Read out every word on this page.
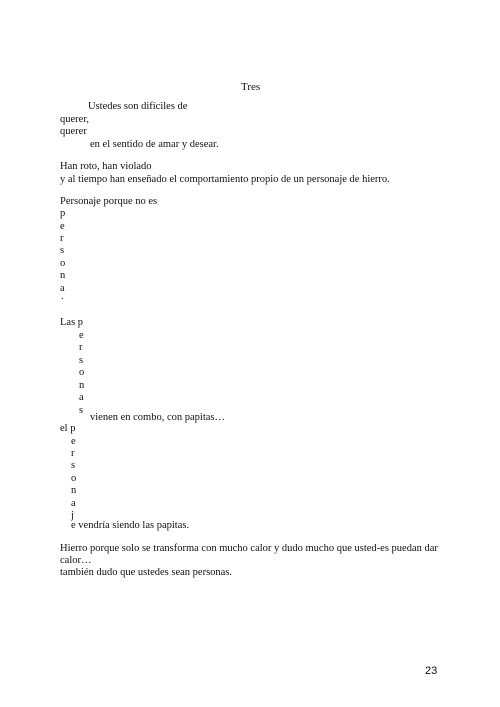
Tres
Ustedes son difíciles de
querer,
querer
en el sentido de amar y desear.
Han roto, han violado
y al tiempo han enseñado el comportamiento propio de un personaje de hierro.
Personaje porque no es
p
e
r
s
o
n
a
.
Las p
e
r
s
o
n
a
s
vienen en combo, con papitas…
el p
e
r
s
o
n
a
j
e vendría siendo las papitas.
Hierro porque solo se transforma con mucho calor y dudo mucho que usted-es puedan dar
calor…
también dudo que ustedes sean personas.
23
